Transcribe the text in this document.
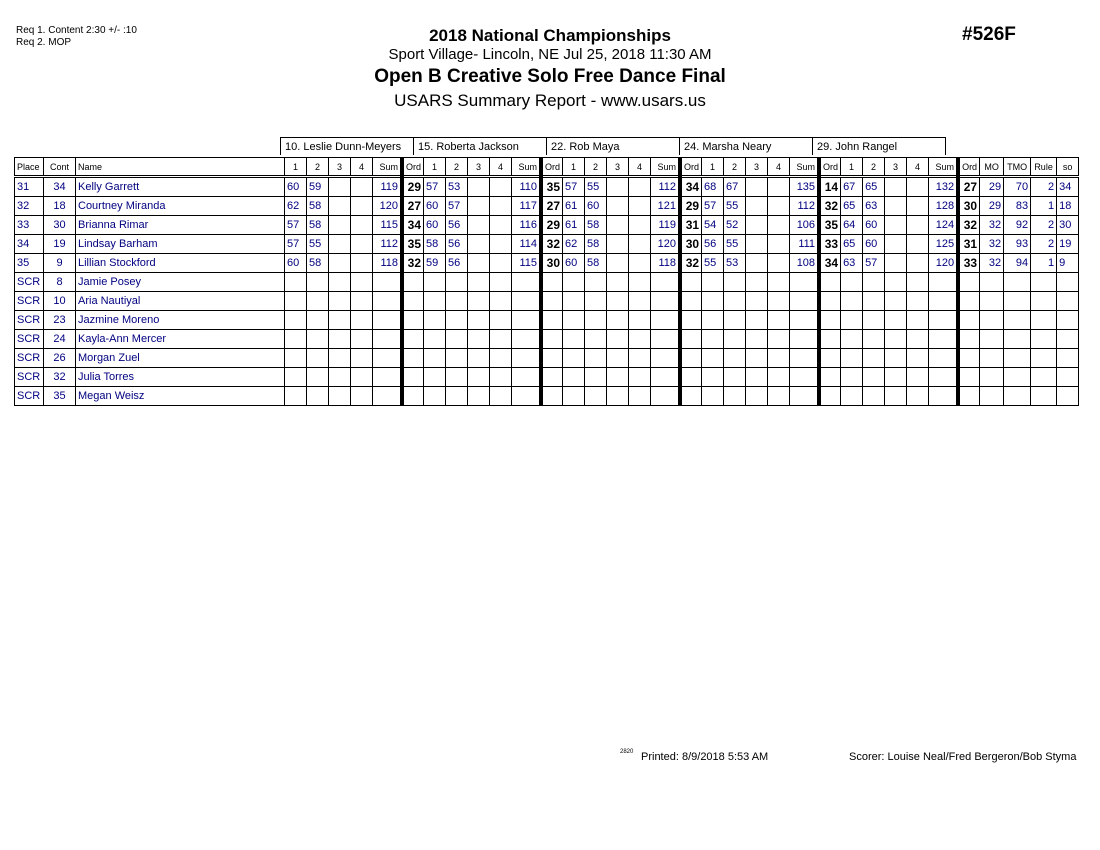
Req 1. Content 2:30 +/- :10
Req 2. MOP	2018 National Championships
Sport Village- Lincoln, NE Jul 25, 2018 11:30 AM
Open B Creative Solo Free Dance Final
USARS Summary Report - www.usars.us
#526F
	10. Leslie Dunn-Meyers	15. Roberta Jackson	22. Rob Maya	24. Marsha Neary	29. John Rangel
Place	Cont	Name	1	2	3	4	Sum	Ord	1	2	3	4	Sum	Ord	1	2	3	4	Sum	Ord	1	2	3	4	Sum	Ord	1	2	3	4	Sum	Ord	MO	TMO	Rule	so
31	34	Kelly Garrett	60	59			119	29	57	53			110	35	57	55			112	34	68	67			135	14	67	65			132	27	29	70	2	34
32	18	Courtney Miranda	62	58			120	27	60	57			117	27	61	60			121	29	57	55			112	32	65	63			128	30	29	83	1	18
33	30	Brianna Rimar	57	58			115	34	60	56			116	29	61	58			119	31	54	52			106	35	64	60			124	32	32	92	2	30
34	19	Lindsay Barham	57	55			112	35	58	56			114	32	62	58			120	30	56	55			111	33	65	60			125	31	32	93	2	19
35	9	Lillian Stockford	60	58			118	32	59	56			115	30	60	58			118	32	55	53			108	34	63	57			120	33	32	94	1	9
SCR	8	Jamie Posey																																		
SCR	10	Aria Nautiyal																																		
SCR	23	Jazmine Moreno																																		
SCR	24	Kayla-Ann Mercer																																		
SCR	26	Morgan Zuel																																		
SCR	32	Julia Torres																																		
SCR	35	Megan Weisz																																		
2820 Printed: 8/9/2018 5:53 AM	Scorer: Louise Neal/Fred Bergeron/Bob Styma
